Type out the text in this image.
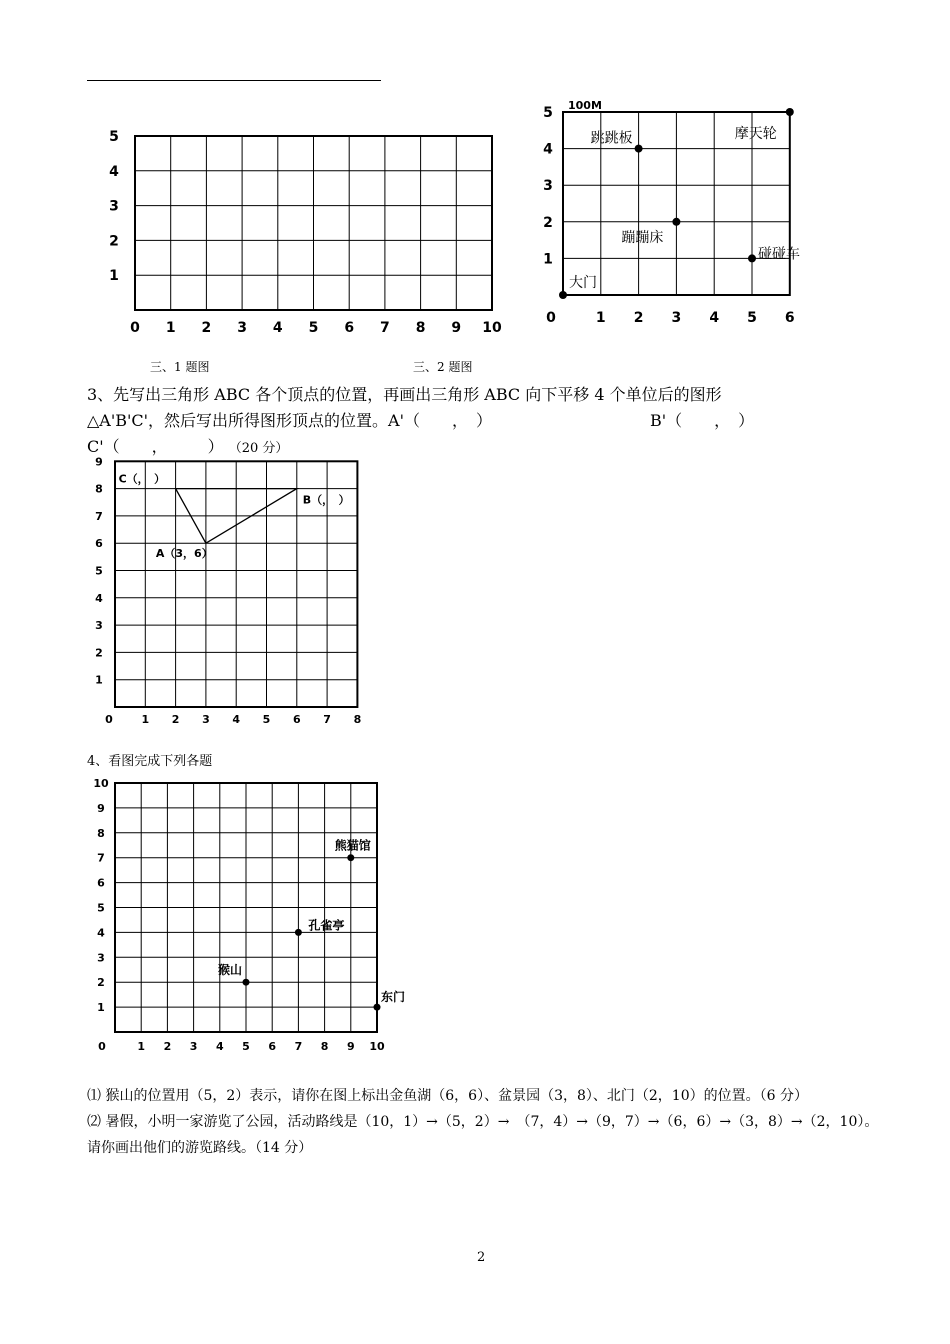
0 1 2 3 4 5 6 7 8 9 10
1
2
3
4
5
100M
0	1 2 3 4 5 6
1
2
3
4
5
跳跳板	摩天轮
蹦蹦床
碰碰车
大门
三、1 题图	三、2 题图
3、先写出三角形 ABC 各个顶点的位置，再画出三角形 ABC 向下平移 4 个单位后的图形
△A'B'C'，然后写出所得图形顶点的位置。A'（　　，　）	B'（　　，　）
C'（　　，　　　） （20 分）
0	1 2 3 4 5 6 7 8
1
2
3
4
5
6
7
8
9
A（3，6）
B（，　）
C（，　）
4、看图完成下列各题
0	1 2 3 4 5 6 7 8 9 10
1
2
3
4
5
6
7
8
9
10
熊猫馆
孔雀亭
猴山
东门
⑴ 猴山的位置用（5，2）表示，请你在图上标出金鱼湖（6，6）、盆景园（3，8）、北门（2，10）的位置。（6 分）
⑵ 暑假，小明一家游览了公园，活动路线是（10，1）→（5，2）→　（7，4）→（9，7）→（6，6）→（3，8）→（2，10）。
请你画出他们的游览路线。（14 分）
2
